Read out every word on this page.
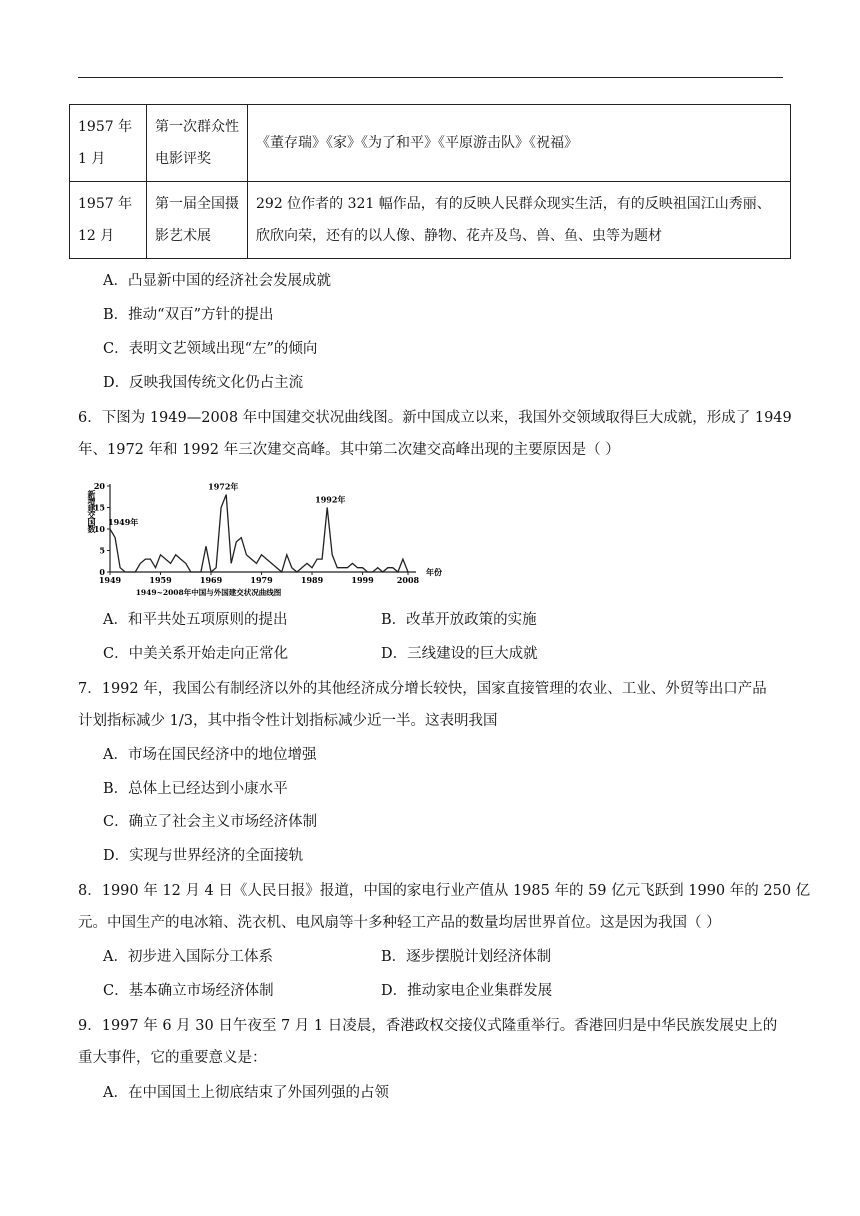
1957 年 1 月	第一次群众性电影评奖	《董存瑞》《家》《为了和平》《平原游击队》《祝福》
1957 年 12 月	第一届全国摄影艺术展	292 位作者的 321 幅作品，有的反映人民群众现实生活，有的反映祖国江山秀丽、欣欣向荣，还有的以人像、静物、花卉及鸟、兽、鱼、虫等为题材
A．凸显新中国的经济社会发展成就
B．推动“双百”方针的提出
C．表明文艺领域出现“左”的倾向
D．反映我国传统文化仍占主流
6．下图为 1949—2008 年中国建交状况曲线图。新中国成立以来，我国外交领域取得巨大成就，形成了 1949
年、1972 年和 1992 年三次建交高峰。其中第二次建交高峰出现的主要原因是（ ）
0
5
10
15
20
1949	1959	1969	1979	1989	1999	2008
年份
新增建交国数
1949~2008年中国与外国建交状况曲线图
1949年
1972年
1992年
A．和平共处五项原则的提出	B．改革开放政策的实施
C．中美关系开始走向正常化	D．三线建设的巨大成就
7．1992 年，我国公有制经济以外的其他经济成分增长较快，国家直接管理的农业、工业、外贸等出口产品
计划指标减少 1/3，其中指令性计划指标减少近一半。这表明我国
A．市场在国民经济中的地位增强
B．总体上已经达到小康水平
C．确立了社会主义市场经济体制
D．实现与世界经济的全面接轨
8．1990 年 12 月 4 日《人民日报》报道，中国的家电行业产值从 1985 年的 59 亿元飞跃到 1990 年的 250 亿
元。中国生产的电冰箱、洗衣机、电风扇等十多种轻工产品的数量均居世界首位。这是因为我国（ ）
A．初步进入国际分工体系	B．逐步摆脱计划经济体制
C．基本确立市场经济体制	D．推动家电企业集群发展
9．1997 年 6 月 30 日午夜至 7 月 1 日凌晨，香港政权交接仪式隆重举行。香港回归是中华民族发展史上的
重大事件，它的重要意义是：
A．在中国国土上彻底结束了外国列强的占领
